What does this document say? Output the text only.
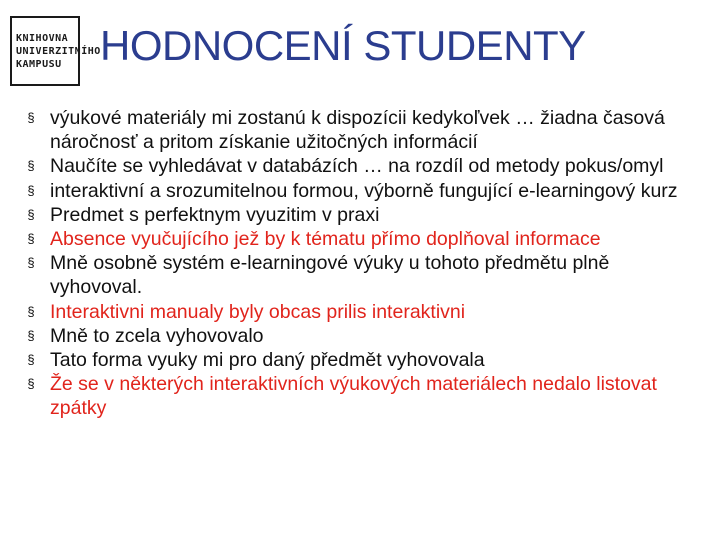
KNIHOVNA
UNIVERZITNÍHO
KAMPUSU HODNOCENÍ STUDENTY
§ výukové materiály mi zostanú k dispozícii kedykoľvek … žiadna časová náročnosť a pritom získanie užitočných informácií
§ Naučíte se vyhledávat v databázích … na rozdíl od metody pokus/omyl
§ interaktivní a srozumitelnou formou, výborně fungující e-learningový kurz
§ Predmet s perfektnym vyuzitim v praxi
§ Absence vyučujícího jež by k tématu přímo doplňoval informace
§ Mně osobně systém e-learningové výuky u tohoto předmětu plně vyhovoval.
§ Interaktivni manualy byly obcas prilis interaktivni
§ Mně to zcela vyhovovalo
§ Tato forma vyuky mi pro daný předmět vyhovovala
§ Že se v některých interaktivních výukových materiálech nedalo listovat zpátky
